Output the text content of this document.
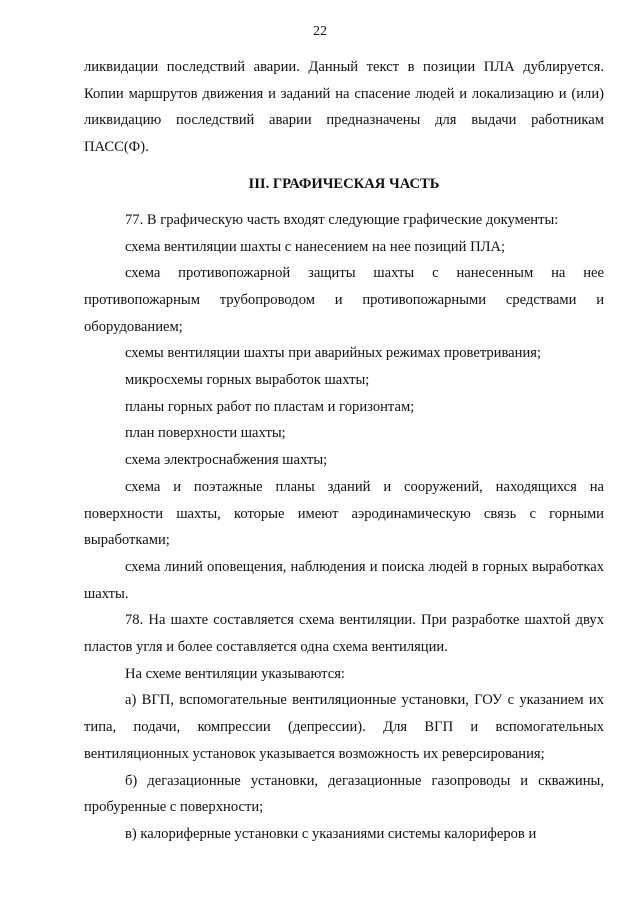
22

ликвидации последствий аварии. Данный текст в позиции ПЛА дублируется. Копии маршрутов движения и заданий на спасение людей и локализацию и (или) ликвидацию последствий аварии предназначены для выдачи работникам ПАСС(Ф).

III. ГРАФИЧЕСКАЯ ЧАСТЬ

77. В графическую часть входят следующие графические документы:

схема вентиляции шахты с нанесением на нее позиций ПЛА;

схема противопожарной защиты шахты с нанесенным на нее противопожарным трубопроводом и противопожарными средствами и оборудованием;

схемы вентиляции шахты при аварийных режимах проветривания;

микросхемы горных выработок шахты;

планы горных работ по пластам и горизонтам;

план поверхности шахты;

схема электроснабжения шахты;

схема и поэтажные планы зданий и сооружений, находящихся на поверхности шахты, которые имеют аэродинамическую связь с горными выработками;

схема линий оповещения, наблюдения и поиска людей в горных выработках шахты.

78. На шахте составляется схема вентиляции. При разработке шахтой двух пластов угля и более составляется одна схема вентиляции.

На схеме вентиляции указываются:

а) ВГП, вспомогательные вентиляционные установки, ГОУ с указанием их типа, подачи, компрессии (депрессии). Для ВГП и вспомогательных вентиляционных установок указывается возможность их реверсирования;

б) дегазационные установки, дегазационные газопроводы и скважины, пробуренные с поверхности;

в) калориферные установки с указаниями системы калориферов и
